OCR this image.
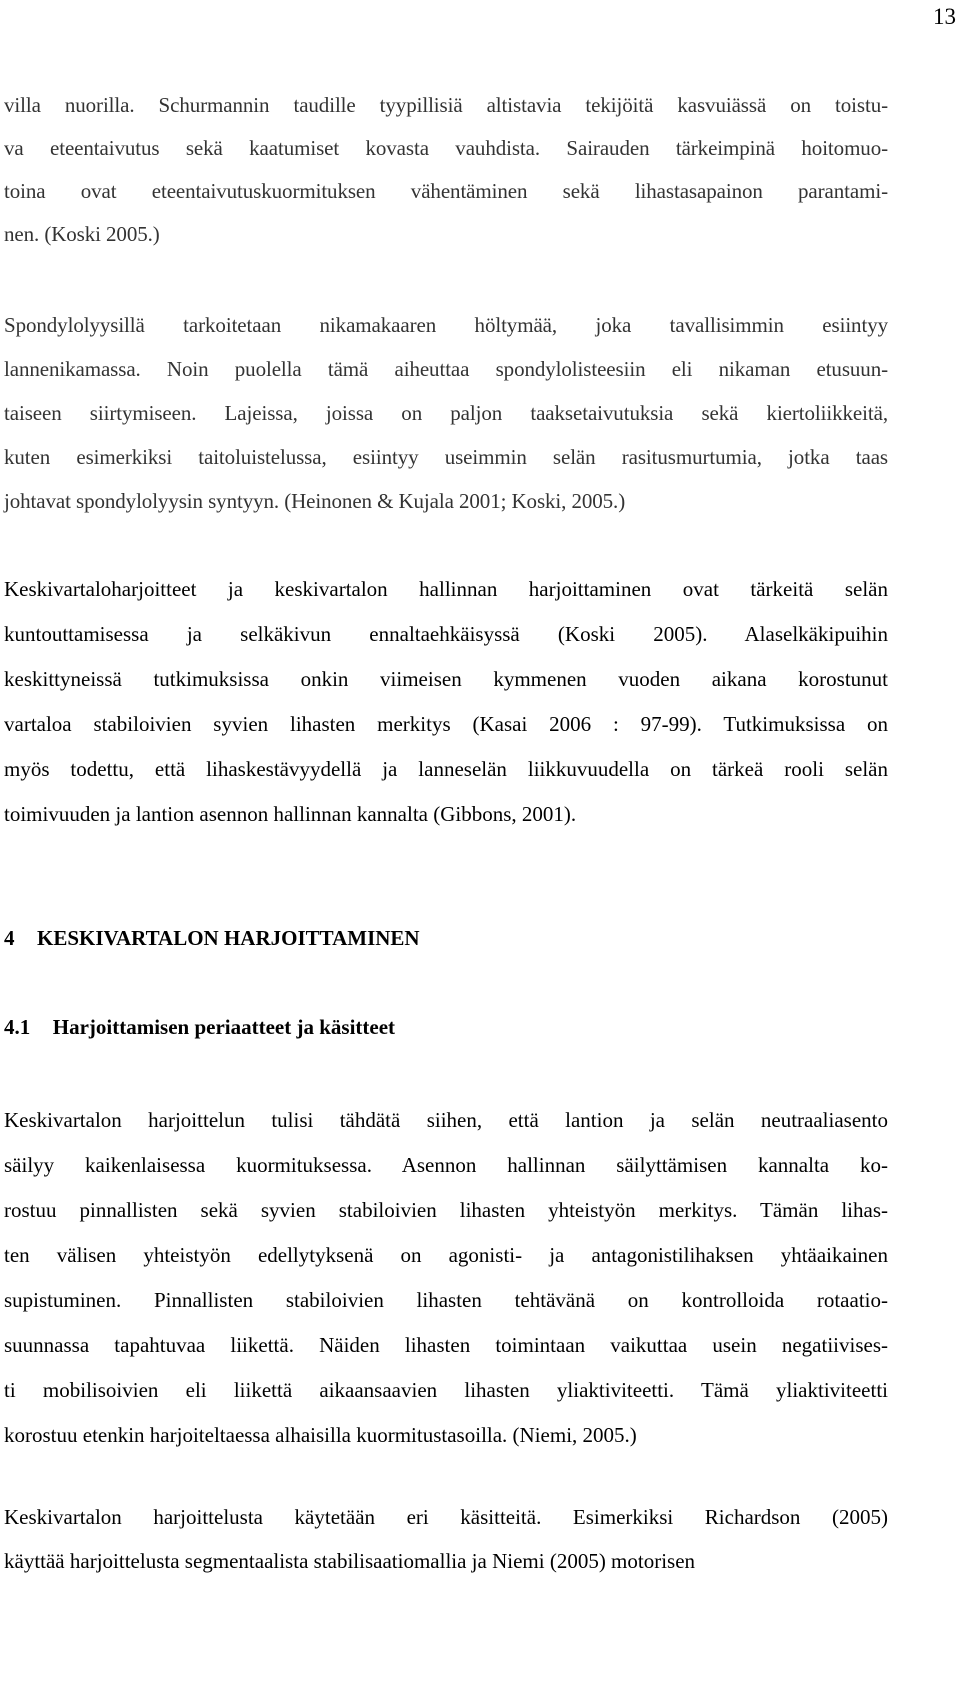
13
villa nuorilla. Schurmannin taudille tyypillisiä altistavia tekijöitä kasvuiässä on toistu-
va eteentaivutus sekä kaatumiset kovasta vauhdista. Sairauden tärkeimpinä hoitomuo-
toina ovat eteentaivutuskuormituksen vähentäminen sekä lihastasapainon parantami-
nen. (Koski 2005.)
Spondylolyysillä tarkoitetaan nikamakaaren höltymää, joka tavallisimmin esiintyy
lannenikamassa. Noin puolella tämä aiheuttaa spondylolisteesiin eli nikaman etusuun-
taiseen siirtymiseen. Lajeissa, joissa on paljon taaksetaivutuksia sekä kiertoliikkeitä,
kuten esimerkiksi taitoluistelussa, esiintyy useimmin selän rasitusmurtumia, jotka taas
johtavat spondylolyysin syntyyn. (Heinonen & Kujala 2001; Koski, 2005.)
Keskivartaloharjoitteet ja keskivartalon hallinnan harjoittaminen ovat tärkeitä selän
kuntouttamisessa ja selkäkivun ennaltaehkäisyssä (Koski 2005). Alaselkäkipuihin
keskittyneissä tutkimuksissa onkin viimeisen kymmenen vuoden aikana korostunut
vartaloa stabiloivien syvien lihasten merkitys (Kasai 2006 : 97-99). Tutkimuksissa on
myös todettu, että lihaskestävyydellä ja lanneselän liikkuvuudella on tärkeä rooli selän
toimivuuden ja lantion asennon hallinnan kannalta (Gibbons, 2001).
4 KESKIVARTALON HARJOITTAMINEN
4.1 Harjoittamisen periaatteet ja käsitteet
Keskivartalon harjoittelun tulisi tähdätä siihen, että lantion ja selän neutraaliasento
säilyy kaikenlaisessa kuormituksessa. Asennon hallinnan säilyttämisen kannalta ko-
rostuu pinnallisten sekä syvien stabiloivien lihasten yhteistyön merkitys. Tämän lihas-
ten välisen yhteistyön edellytyksenä on agonisti- ja antagonistilihaksen yhtäaikainen
supistuminen. Pinnallisten stabiloivien lihasten tehtävänä on kontrolloida rotaatio-
suunnassa tapahtuvaa liikettä. Näiden lihasten toimintaan vaikuttaa usein negatiivises-
ti mobilisoivien eli liikettä aikaansaavien lihasten yliaktiviteetti. Tämä yliaktiviteetti
korostuu etenkin harjoiteltaessa alhaisilla kuormitustasoilla. (Niemi, 2005.)
Keskivartalon harjoittelusta käytetään eri käsitteitä. Esimerkiksi Richardson (2005)
käyttää harjoittelusta segmentaalista stabilisaatiomallia ja Niemi (2005) motorisen
